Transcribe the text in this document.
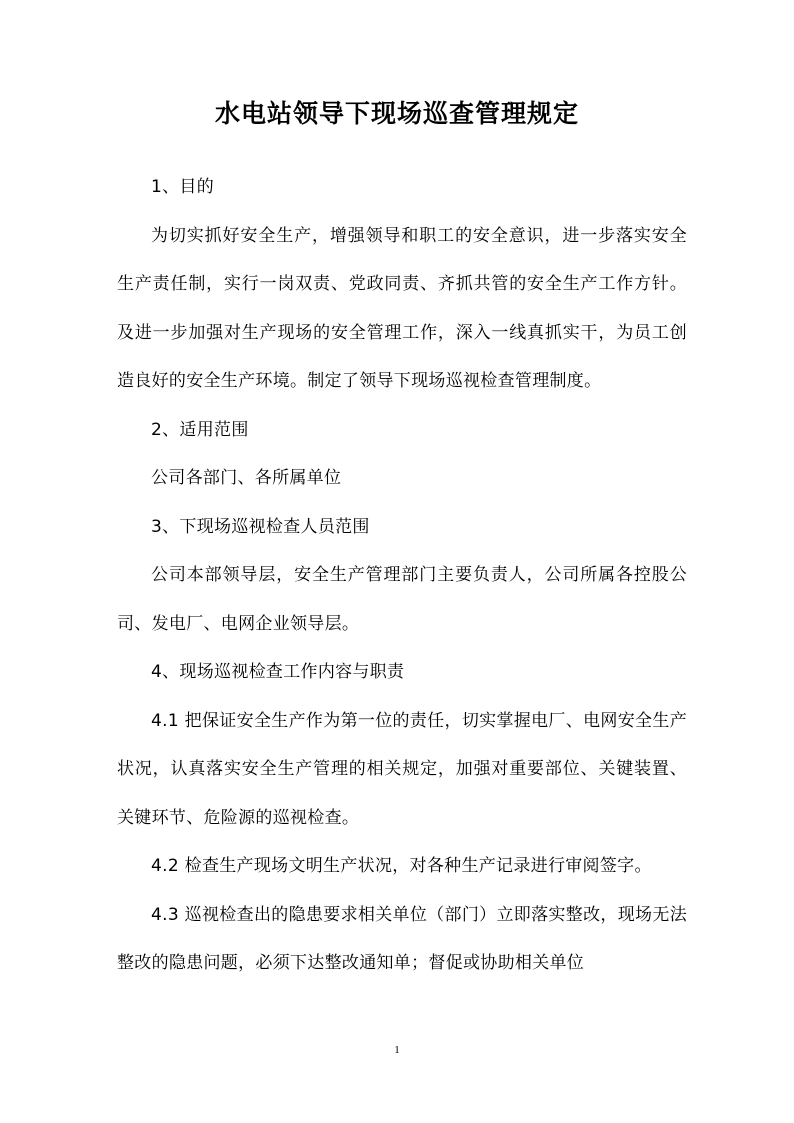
水电站领导下现场巡查管理规定

1、目的

为切实抓好安全生产，增强领导和职工的安全意识，进一步落实安全生产责任制，实行一岗双责、党政同责、齐抓共管的安全生产工作方针。及进一步加强对生产现场的安全管理工作，深入一线真抓实干，为员工创造良好的安全生产环境。制定了领导下现场巡视检查管理制度。

2、适用范围

公司各部门、各所属单位

3、下现场巡视检查人员范围

公司本部领导层，安全生产管理部门主要负责人，公司所属各控股公司、发电厂、电网企业领导层。

4、现场巡视检查工作内容与职责

4.1 把保证安全生产作为第一位的责任，切实掌握电厂、电网安全生产状况，认真落实安全生产管理的相关规定，加强对重要部位、关键装置、关键环节、危险源的巡视检查。

4.2 检查生产现场文明生产状况，对各种生产记录进行审阅签字。

4.3 巡视检查出的隐患要求相关单位（部门）立即落实整改，现场无法整改的隐患问题，必须下达整改通知单；督促或协助相关单位

1
